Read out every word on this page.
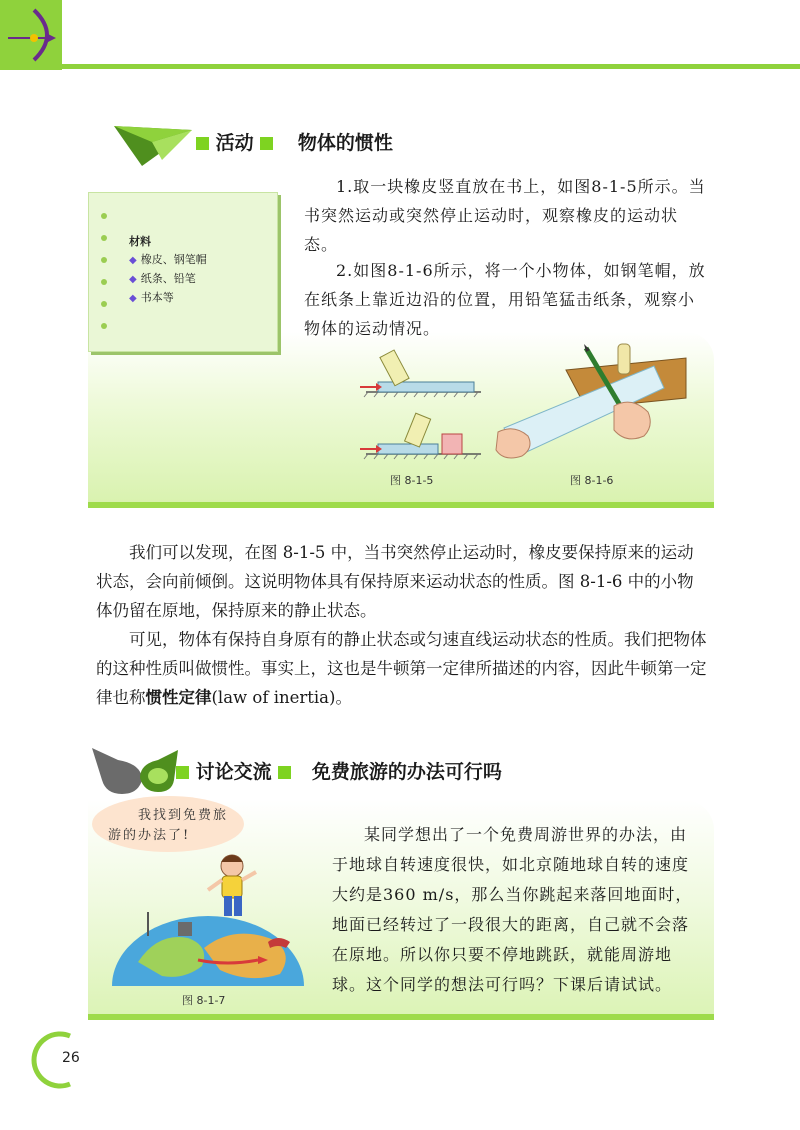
活动 物体的惯性
材料
◆ 橡皮、钢笔帽
◆ 纸条、铅笔
◆ 书本等
1.取一块橡皮竖直放在书上，如图8-1-5所示。当书突然运动或突然停止运动时，观察橡皮的运动状态。
2.如图8-1-6所示，将一个小物体，如钢笔帽，放在纸条上靠近边沿的位置，用铅笔猛击纸条，观察小物体的运动情况。
图 8-1-5	图 8-1-6
我们可以发现，在图 8-1-5 中，当书突然停止运动时，橡皮要保持原来的运动状态，会向前倾倒。这说明物体具有保持原来运动状态的性质。图 8-1-6 中的小物体仍留在原地，保持原来的静止状态。
可见，物体有保持自身原有的静止状态或匀速直线运动状态的性质。我们把物体的这种性质叫做惯性。事实上，这也是牛顿第一定律所描述的内容，因此牛顿第一定律也称惯性定律(law of inertia)。
讨论交流 免费旅游的办法可行吗
我找到免费旅游的办法了!
图 8-1-7
某同学想出了一个免费周游世界的办法，由于地球自转速度很快，如北京随地球自转的速度大约是360 m/s，那么当你跳起来落回地面时，地面已经转过了一段很大的距离，自己就不会落在原地。所以你只要不停地跳跃，就能周游地球。这个同学的想法可行吗？下课后请试试。
26
